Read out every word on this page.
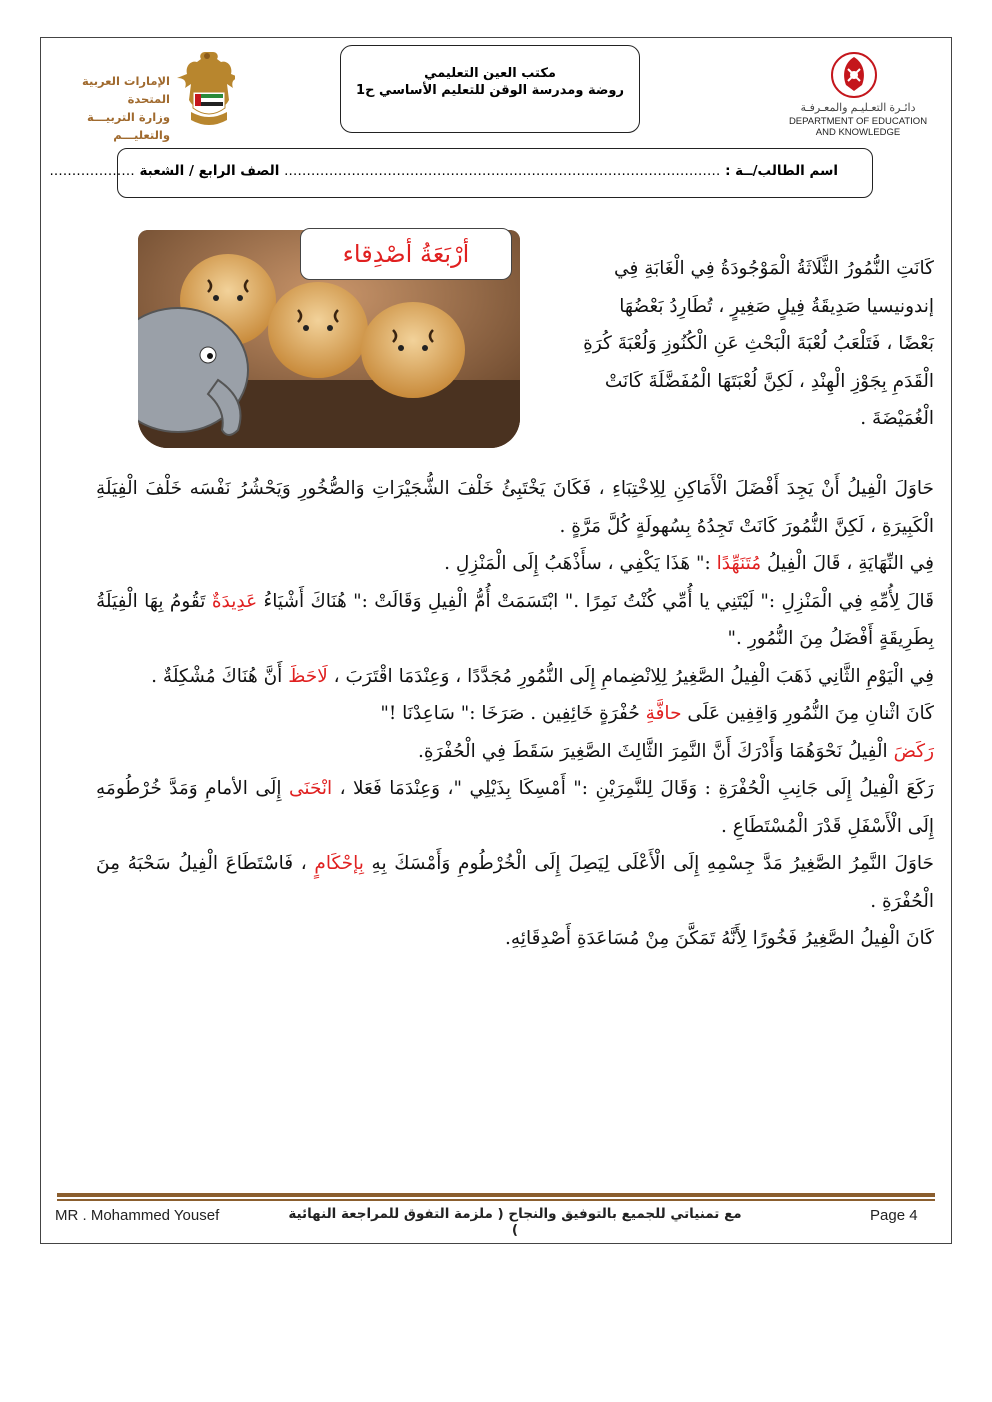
الإمارات العربية المتحدة
وزارة التربيـــة والتعليـــم
دائـرة التعـليـم والمعـرفـة
DEPARTMENT OF EDUCATION
AND KNOWLEDGE
مكتب العين التعليمي
روضة ومدرسة الوقن للتعليم الأساسي ح1
اسم الطالب/ــة : ……………………………………………………………………………………. الصف الرابع / الشعبة ……………….
أرْبَعَةُ أصْدِقاء
كَانَتِ النُّمُورُ الثَّلَاثَةُ الْمَوْجُودَةُ فِي الْغَابَةِ فِي
إندونيسيا صَدِيقَةُ فِيلٍ صَغِيرٍ ، تُطَارِدُ بَعْضُهَا
بَعْضًا ، فَتَلْعَبُ لُعْبَةَ الْبَحْثِ عَنِ الْكُنُوزِ وَلُعْبَةَ كُرَةِ
الْقَدَمِ بِجَوْزِ الْهِنْدِ ، لَكِنَّ لُعْبَتَهَا الْمُفَضَّلَةَ كَانَتْ
الْغُمَيْضَةَ .
حَاوَلَ الْفِيلُ أَنْ يَجِدَ أَفْضَلَ الْأَمَاكِنِ لِلِاخْتِبَاءِ ، فَكَانَ يَخْتَبِئُ خَلْفَ الشُّجَيْرَاتِ وَالصُّخُورِ وَيَحْشُرُ نَفْسَه خَلْفَ الْفِيَلَةِ الْكَبِيرَةِ ، لَكِنَّ النُّمُورَ كَانَتْ تَجِدُهُ بِسُهولَةٍ كُلَّ مَرَّةٍ .
فِي النِّهَايَةِ ، قَالَ الْفِيلُ مُتَنَهِّدًا :" هَذَا يَكْفِي ، سأَذْهَبُ إِلَى الْمَنْزِلِ .
قَالَ لِأُمِّهِ فِي الْمَنْزِلِ :" لَيْتَنِي يا أُمِّي كُنْتُ نَمِرًا ." ابْتَسَمَتْ أُمُّ الْفِيلِ وَقَالَتْ :" هُنَاكَ أَشْيَاءُ عَدِيدَةٌ تَقُومُ بِهَا الْفِيَلَةُ بِطَرِيقَةٍ أَفْضَلُ مِنَ النُّمُورِ ."
فِي الْيَوْمِ الثَّانِي ذَهَبَ الْفِيلُ الصَّغِيرُ لِلِانْضِمامِ إِلَى النُّمُورِ مُجَدَّدًا ، وَعِنْدَمَا اقْتَرَبَ ، لَاحَظَ أَنَّ هُنَاكَ مُشْكِلَةٌ .
كَانَ اثْنانِ مِنَ النُّمُورِ وَاقِفِين عَلَى حافَّةِ حُفْرَةٍ خَائِفِين . صَرَخَا :" سَاعِدْنَا !"
رَكَضَ الْفِيلُ نَحْوَهُمَا وَأَدْرَكَ أَنَّ النَّمِرَ الثَّالِثَ الصَّغِيرَ سَقَطَ فِي الْحُفْرَةِ.
رَكَعَ الْفِيلُ إِلَى جَانِبِ الْحُفْرَةِ : وَقَالَ لِلنَّمِرَيْنِ :" أَمْسِكَا بِذَيْلِي "، وَعِنْدَمَا فَعَلا ، انْحَنَى إِلَى الأمامِ وَمَدَّ خُرْطُومَهِ إِلَى الْأَسْفَلِ قَدْرَ الْمُسْتَطَاعِ .
حَاوَلَ النَّمِرُ الصَّغِيرُ مَدَّ جِسْمِهِ إِلَى الْأَعْلَى لِيَصِلَ إِلَى الْخُرْطُومِ وَأَمْسَكَ بِهِ بِإحْكَامٍ ، فَاسْتَطَاعَ الْفِيلُ سَحْبَهُ مِنَ الْحُفْرَةِ .
كَانَ الْفِيلُ الصَّغِيرُ فَخُورًا لِأَنَّهُ تَمَكَّنَ مِنْ مُسَاعَدَةِ أَصْدِقَائِهِ.
MR . Mohammed Yousef	مع تمنياتي للجميع بالتوفيق والنجاح ( ملزمة التفوق للمراجعة النهائية )
Page 4
